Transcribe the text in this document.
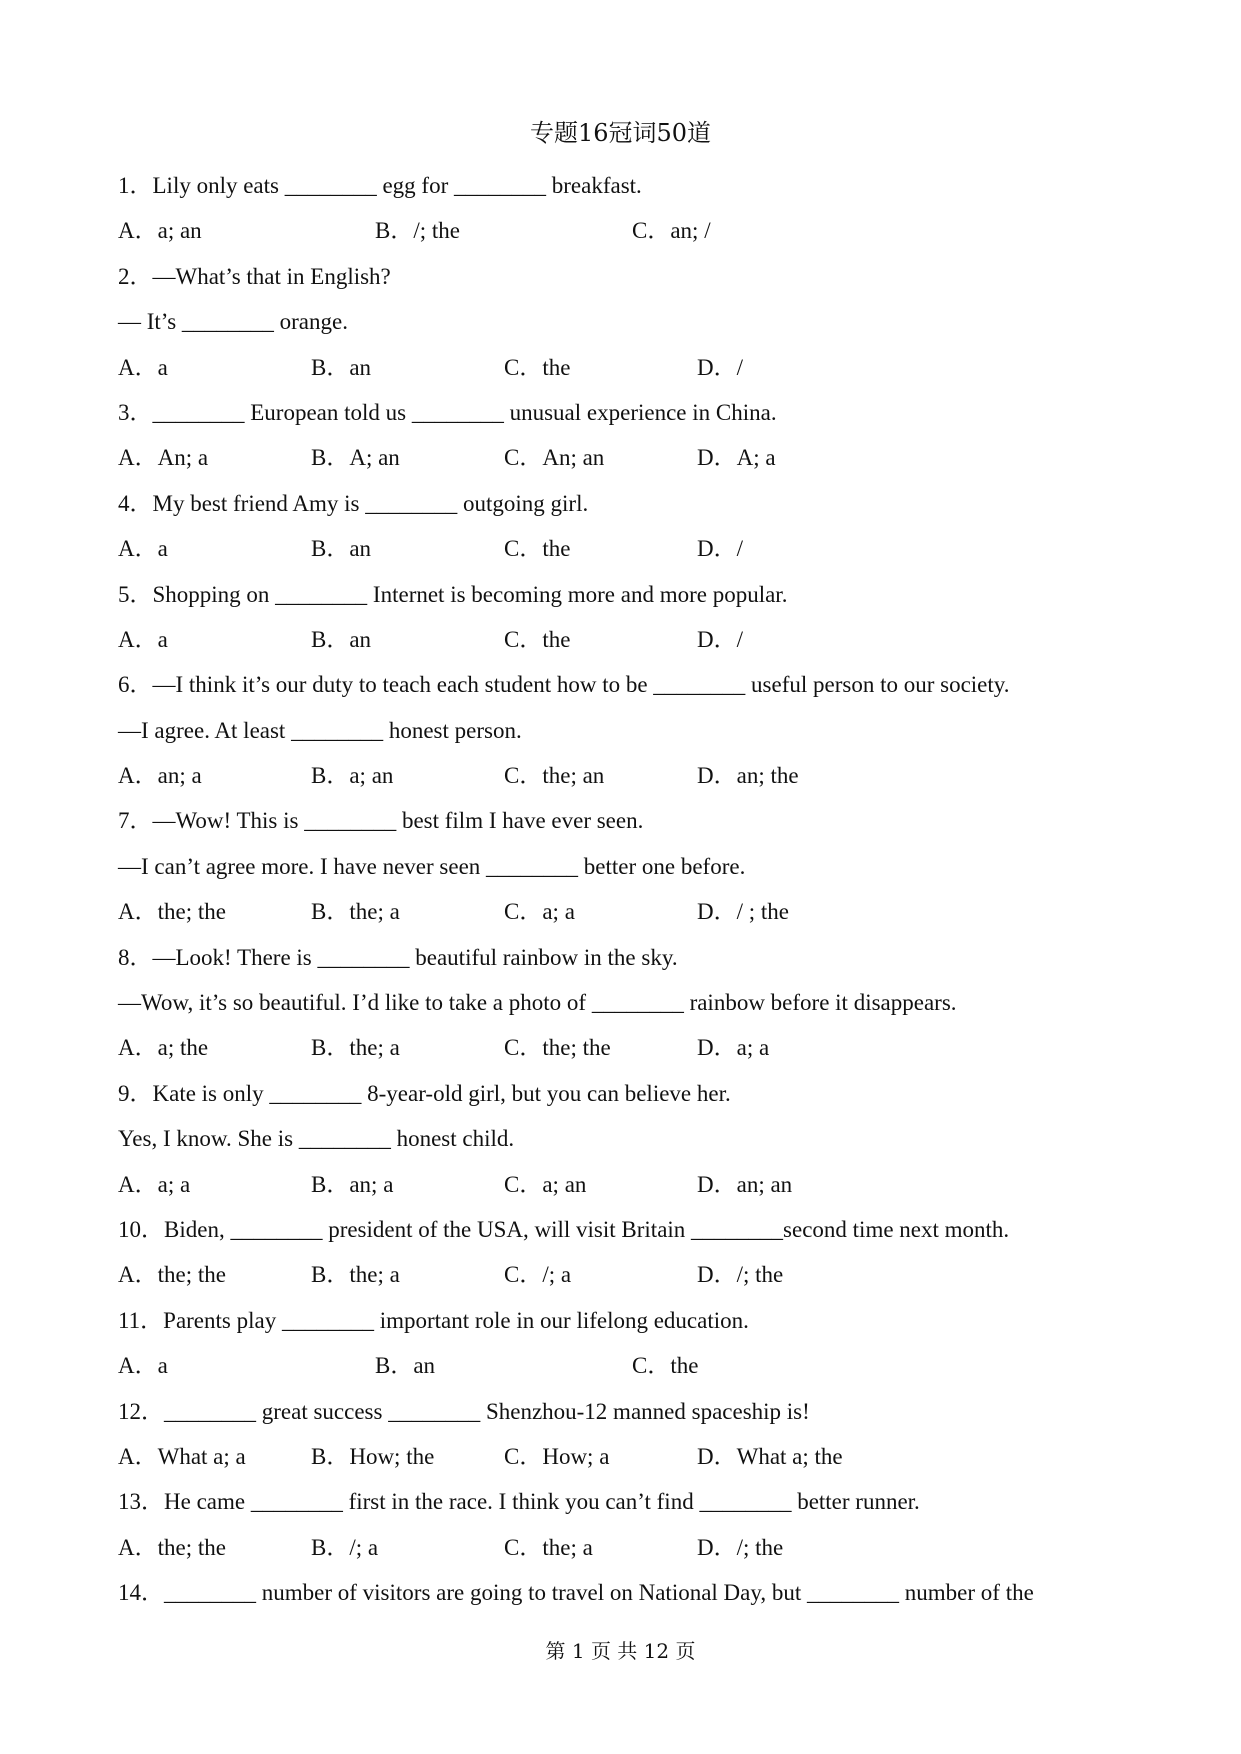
专题16冠词50道
1．Lily only eats ________ egg for ________ breakfast.
A．a; an	B．/; the	C．an; /
2．—What’s that in English?
— It’s ________ orange.
A．a	B．an	C．the	D．/
3．________ European told us ________ unusual experience in China.
A．An; a	B．A; an	C．An; an	D．A; a
4．My best friend Amy is ________ outgoing girl.
A．a	B．an	C．the	D．/
5．Shopping on ________ Internet is becoming more and more popular.
A．a	B．an	C．the	D．/
6．—I think it’s our duty to teach each student how to be ________ useful person to our society.
—I agree. At least ________ honest person.
A．an; a	B．a; an	C．the; an	D．an; the
7．—Wow! This is ________ best film I have ever seen.
—I can’t agree more. I have never seen ________ better one before.
A．the; the	B．the; a	C．a; a	D．/ ; the
8．—Look! There is ________ beautiful rainbow in the sky.
—Wow, it’s so beautiful. I’d like to take a photo of ________ rainbow before it disappears.
A．a; the	B．the; a	C．the; the	D．a; a
9．Kate is only ________ 8-year-old girl, but you can believe her.
Yes, I know. She is ________ honest child.
A．a; a	B．an; a	C．a; an	D．an; an
10．Biden, ________ president of the USA, will visit Britain ________second time next month.
A．the; the	B．the; a	C．/; a	D．/; the
11．Parents play ________ important role in our lifelong education.
A．a	B．an	C．the
12．________ great success ________ Shenzhou-12 manned spaceship is!
A．What a; a	B．How; the	C．How; a	D．What a; the
13．He came ________ first in the race. I think you can’t find ________ better runner.
A．the; the	B．/; a	C．the; a	D．/; the
14．________ number of visitors are going to travel on National Day, but ________ number of the
第 1 页 共 12 页
